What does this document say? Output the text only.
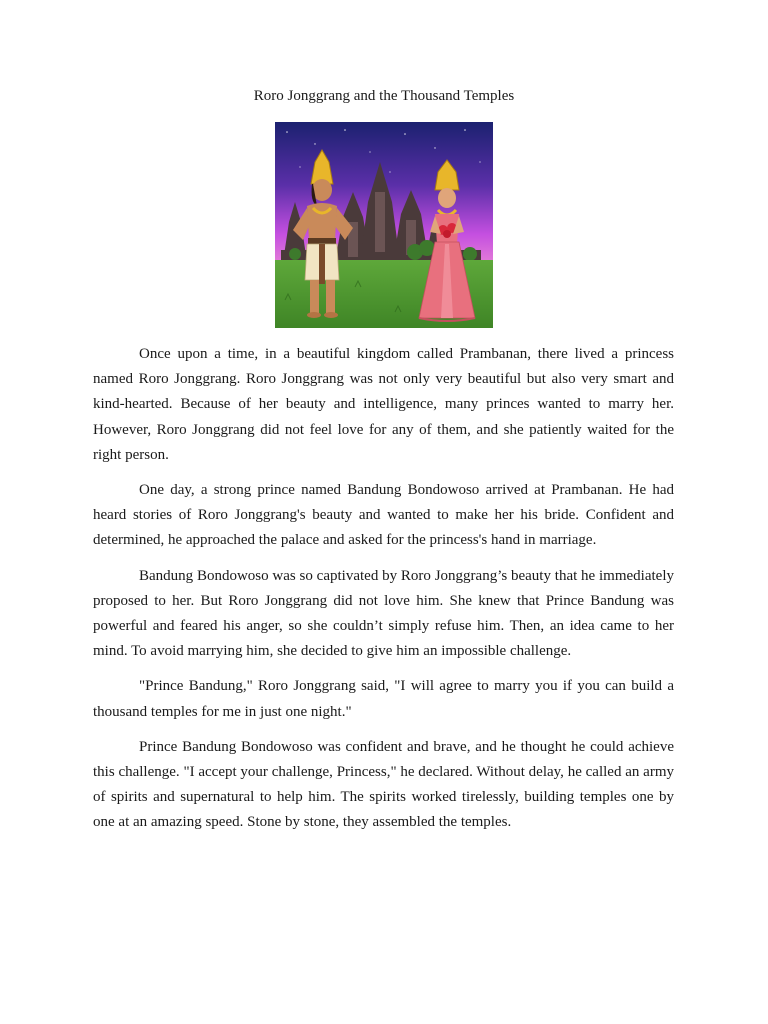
Roro Jonggrang and the Thousand Temples

Once upon a time, in a beautiful kingdom called Prambanan, there lived a princess named Roro Jonggrang. Roro Jonggrang was not only very beautiful but also very smart and kind-hearted. Because of her beauty and intelligence, many princes wanted to marry her. However, Roro Jonggrang did not feel love for any of them, and she patiently waited for the right person.

One day, a strong prince named Bandung Bondowoso arrived at Prambanan. He had heard stories of Roro Jonggrang's beauty and wanted to make her his bride. Confident and determined, he approached the palace and asked for the princess's hand in marriage.

Bandung Bondowoso was so captivated by Roro Jonggrang’s beauty that he immediately proposed to her. But Roro Jonggrang did not love him. She knew that Prince Bandung was powerful and feared his anger, so she couldn’t simply refuse him. Then, an idea came to her mind. To avoid marrying him, she decided to give him an impossible challenge.

"Prince Bandung," Roro Jonggrang said, "I will agree to marry you if you can build a thousand temples for me in just one night."

Prince Bandung Bondowoso was confident and brave, and he thought he could achieve this challenge. "I accept your challenge, Princess," he declared. Without delay, he called an army of spirits and supernatural to help him. The spirits worked tirelessly, building temples one by one at an amazing speed. Stone by stone, they assembled the temples.
